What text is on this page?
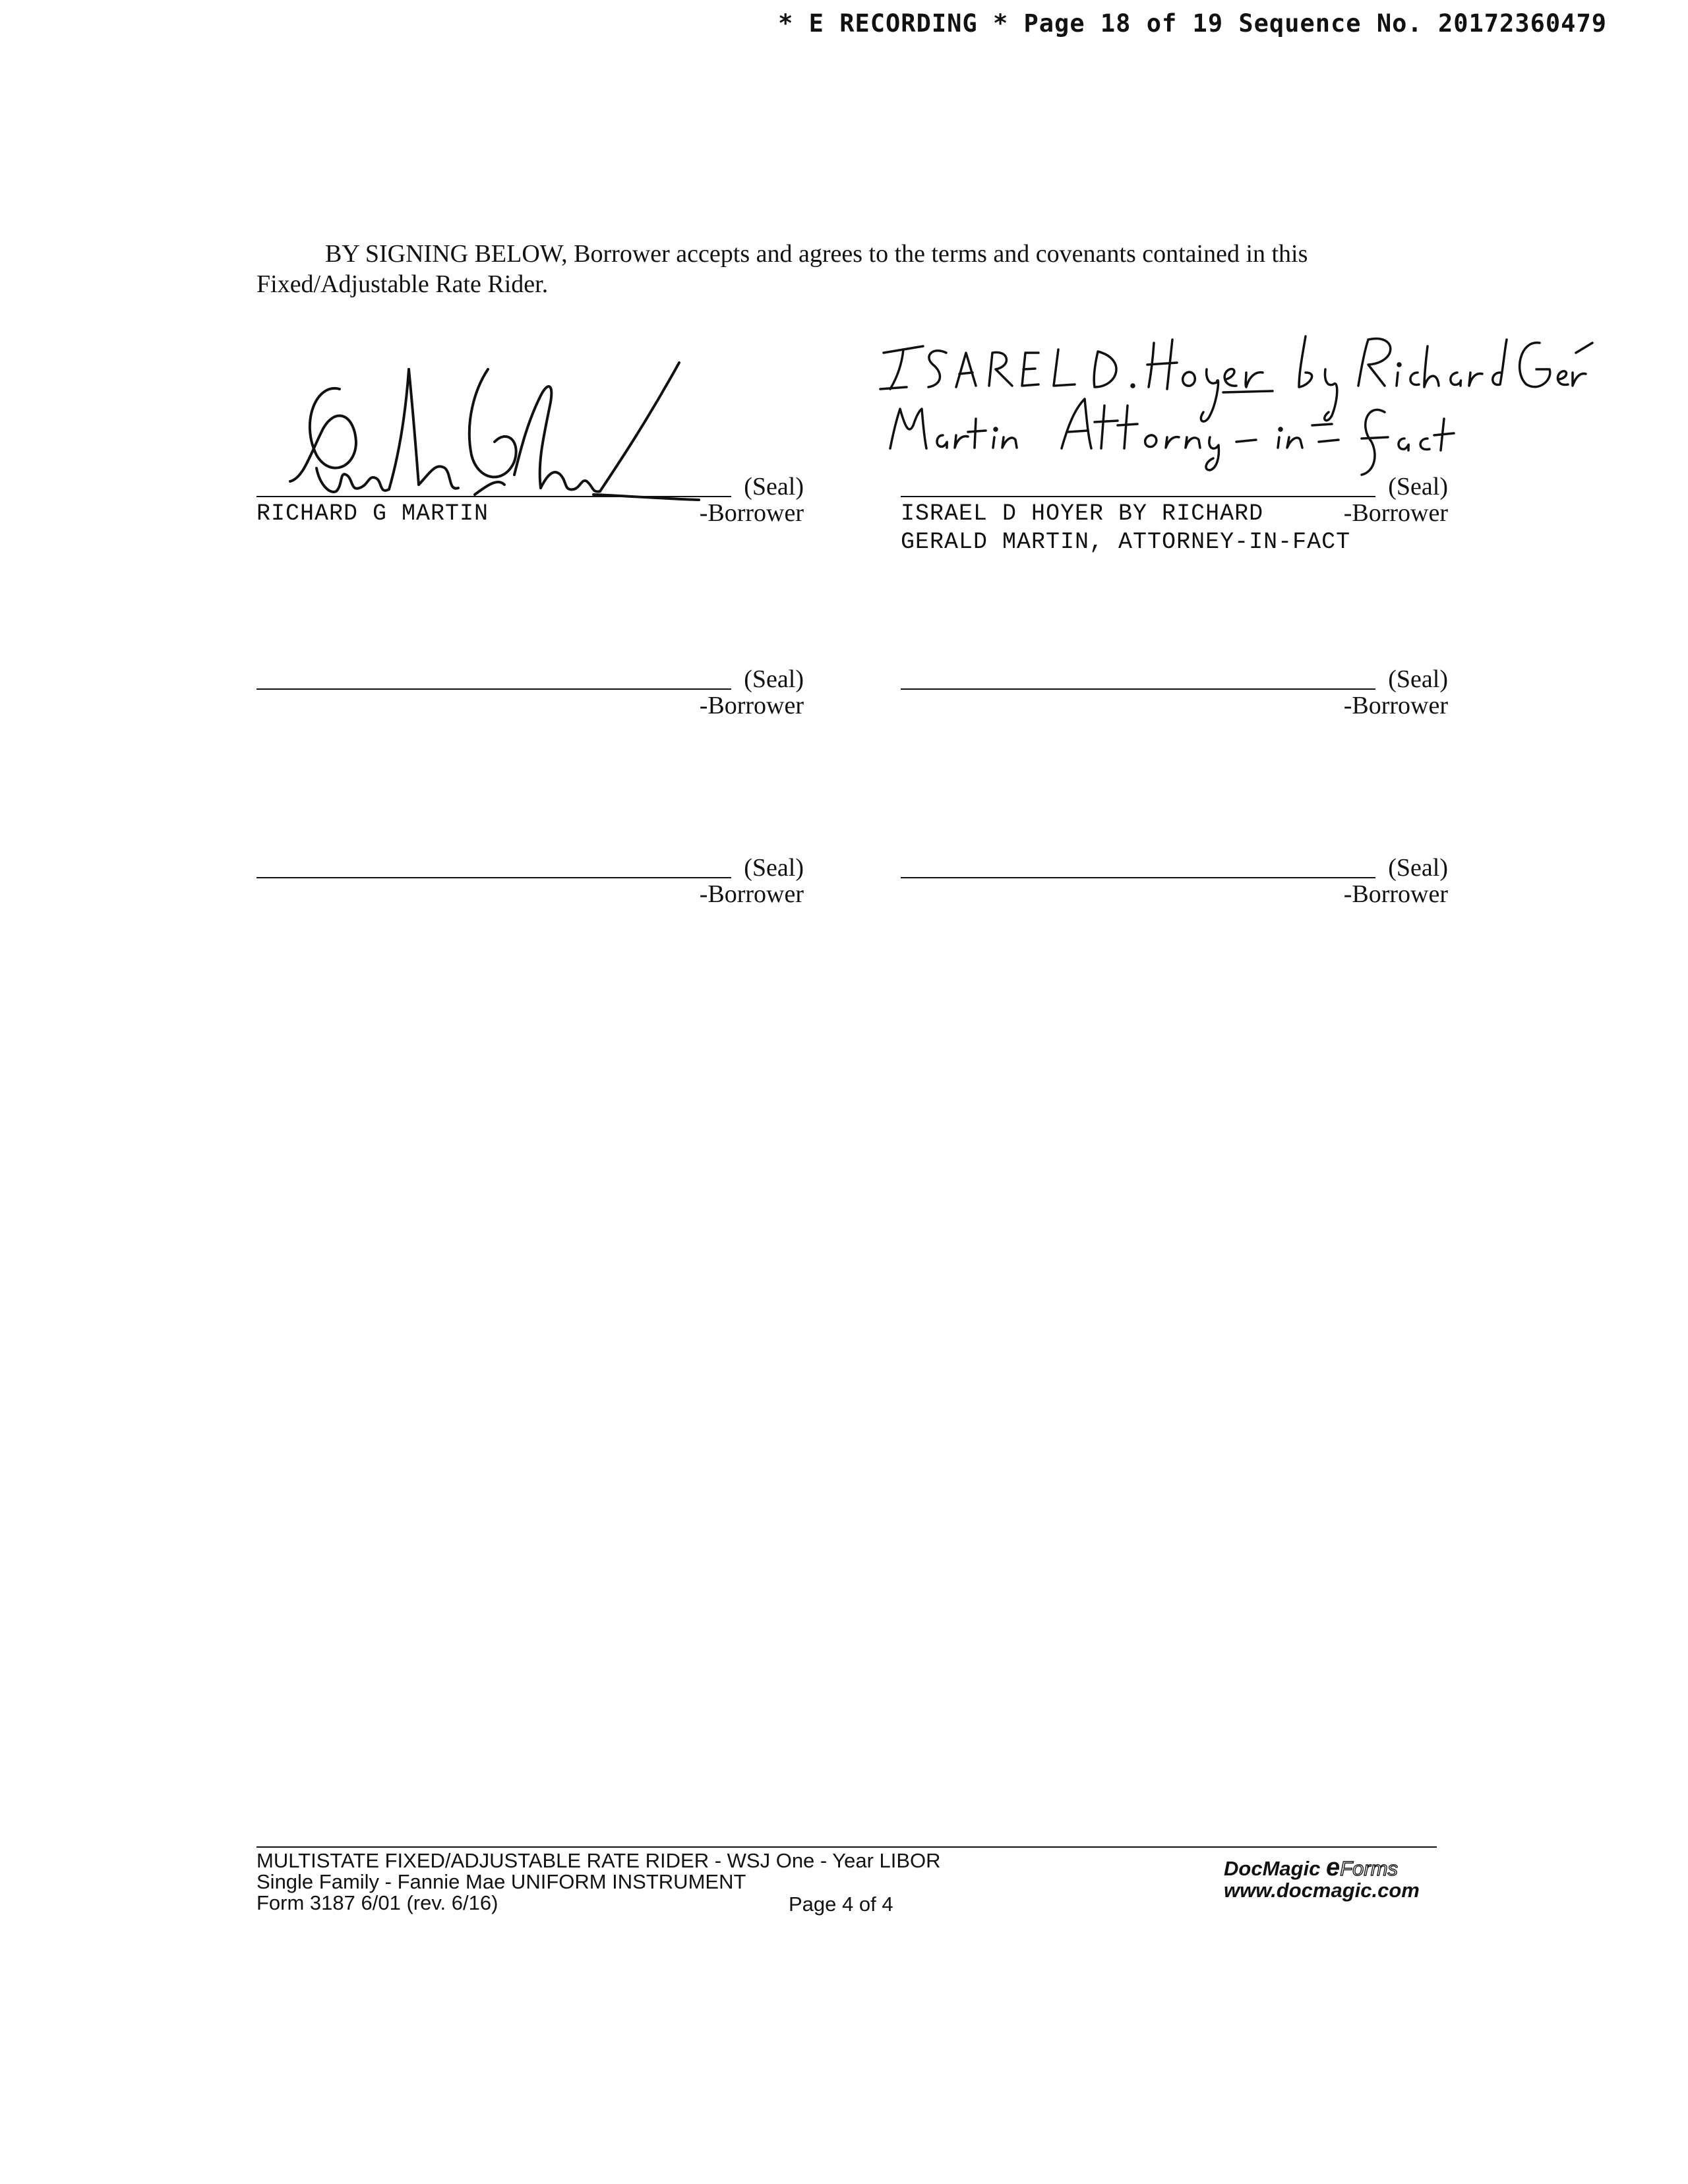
* E RECORDING * Page 18 of 19 Sequence No. 20172360479
BY SIGNING BELOW, Borrower accepts and agrees to the terms and covenants contained in this Fixed/Adjustable Rate Rider.
(Seal)
RICHARD G MARTIN	-Borrower
(Seal)
ISRAEL D HOYER BY RICHARD
GERALD MARTIN, ATTORNEY-IN-FACT
-Borrower
(Seal)
-Borrower
(Seal)
-Borrower
(Seal)
-Borrower
(Seal)
-Borrower
MULTISTATE FIXED/ADJUSTABLE RATE RIDER - WSJ One - Year LIBOR
Single Family - Fannie Mae UNIFORM INSTRUMENT
Form 3187 6/01 (rev. 6/16)	Page 4 of 4
DocMagic eForms
www.docmagic.com
